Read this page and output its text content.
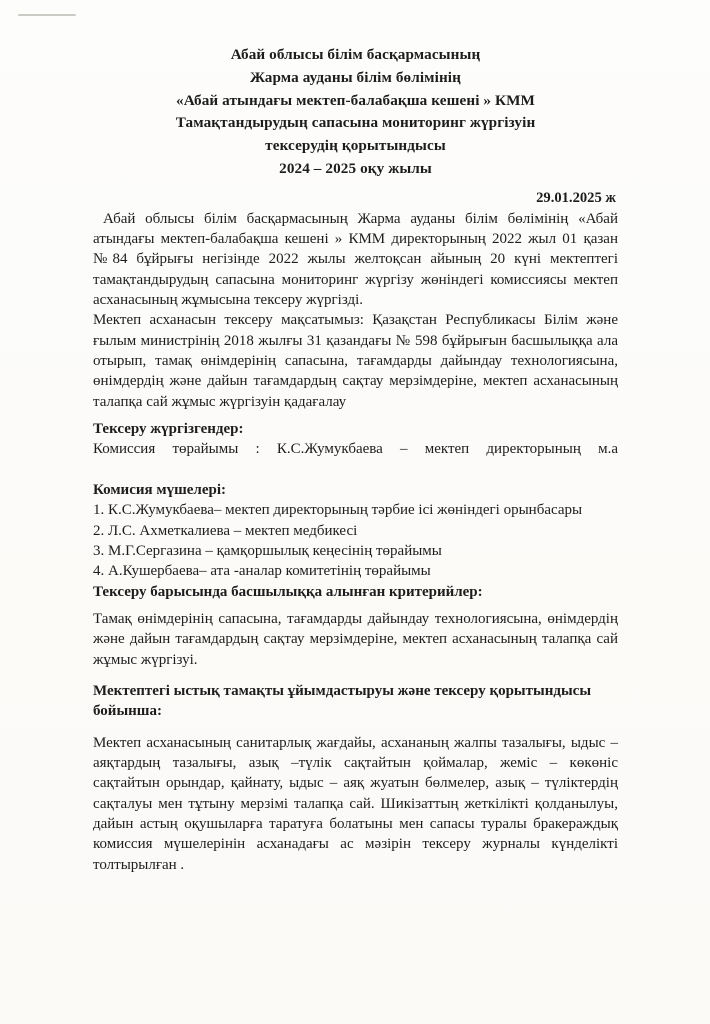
Абай облысы білім басқармасының
Жарма ауданы білім бөлімінің
«Абай атындағы мектеп-балабақша кешені » КММ
Тамақтандырудың сапасына мониторинг жүргізуін
тексерудің қорытындысы
2024 – 2025 оқу жылы
29.01.2025 ж

Абай облысы білім басқармасының Жарма ауданы білім бөлімінің «Абай атындағы мектеп-балабақша кешені » КММ директорының 2022 жыл 01 қазан №84 бұйрығы негізінде 2022 жылы желтоқсан айының 20 күні мектептегі тамақтандырудың сапасына мониторинг жүргізу жөніндегі комиссиясы мектеп асханасының жұмысына тексеру жүргізді.

Мектеп асханасын тексеру мақсатымыз: Қазақстан Республикасы Білім және ғылым министрінің 2018 жылғы 31 қазандағы № 598 бұйрығын басшылыққа ала отырып, тамақ өнімдерінің сапасына, тағамдарды дайындау технологиясына, өнімдердің және дайын тағамдардың сақтау мерзімдеріне, мектеп асханасының талапқа сай жұмыс жүргізуін қадағалау

Тексеру жүргізгендер:

Комиссия төрайымы : К.С.Жумукбаева – мектеп директорының м.а

Комисия мүшелері:

1. К.С.Жумукбаева– мектеп директорының тәрбие ісі жөніндегі орынбасары
2. Л.С. Ахметкалиева – мектеп медбикесі
3. М.Г.Сергазина – қамқоршылық кеңесінің төрайымы
4. А.Кушербаева– ата -аналар комитетінің төрайымы

Тексеру барысында басшылыққа алынған критерийлер:

Тамақ өнімдерінің сапасына, тағамдарды дайындау технологиясына, өнімдердің және дайын тағамдардың сақтау мерзімдеріне, мектеп асханасының талапқа сай жұмыс жүргізуі.

Мектептегі ыстық тамақты ұйымдастыруы және тексеру қорытындысы

бойынша:

Мектеп асханасының санитарлық жағдайы, асхананың жалпы тазалығы, ыдыс – аяқтардың тазалығы, азық –түлік сақтайтын қоймалар, жеміс – көкөніс сақтайтын орындар, қайнату, ыдыс – аяқ жуатын бөлмелер, азық – түліктердің сақталуы мен тұтыну мерзімі талапқа сай. Шикізаттың жеткілікті қолданылуы, дайын астың оқушыларға таратуға болатыны мен сапасы туралы бракераждық комиссия мүшелерінін асханадағы ас мәзірін тексеру журналы күнделікті толтырылған .
